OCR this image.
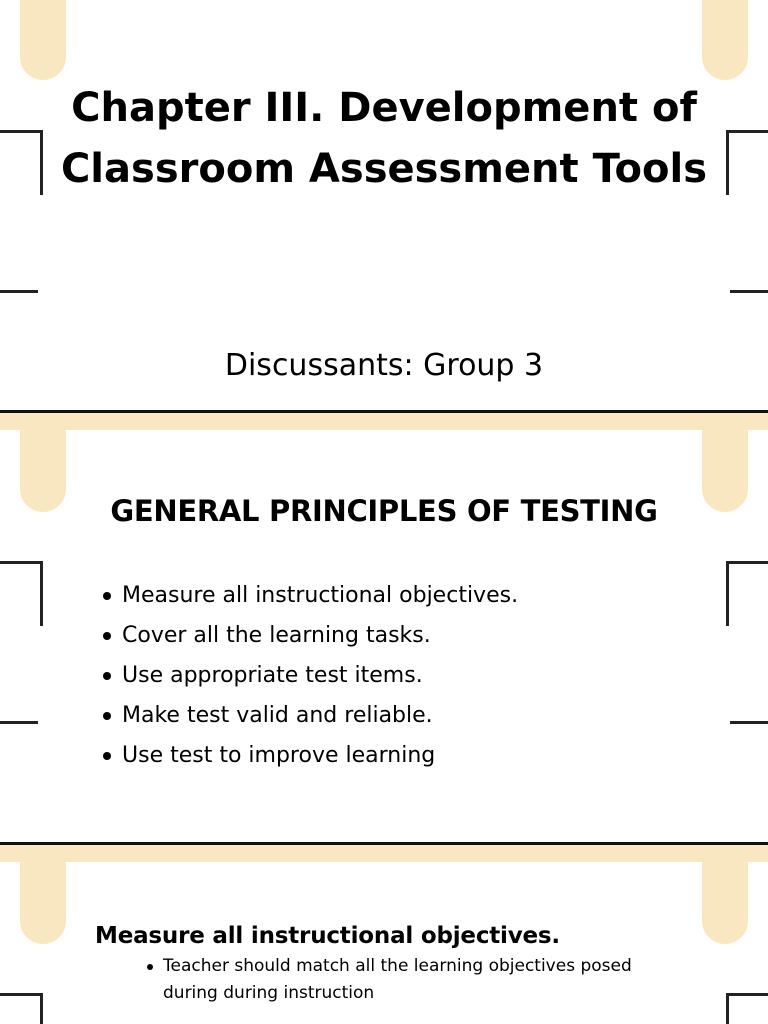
Chapter III. Development of Classroom Assessment Tools

Discussants: Group 3

GENERAL PRINCIPLES OF TESTING
Measure all instructional objectives.
Cover all the learning tasks.
Use appropriate test items.
Make test valid and reliable.
Use test to improve learning
Measure all instructional objectives.
Teacher should match all the learning objectives posed during during instruction
